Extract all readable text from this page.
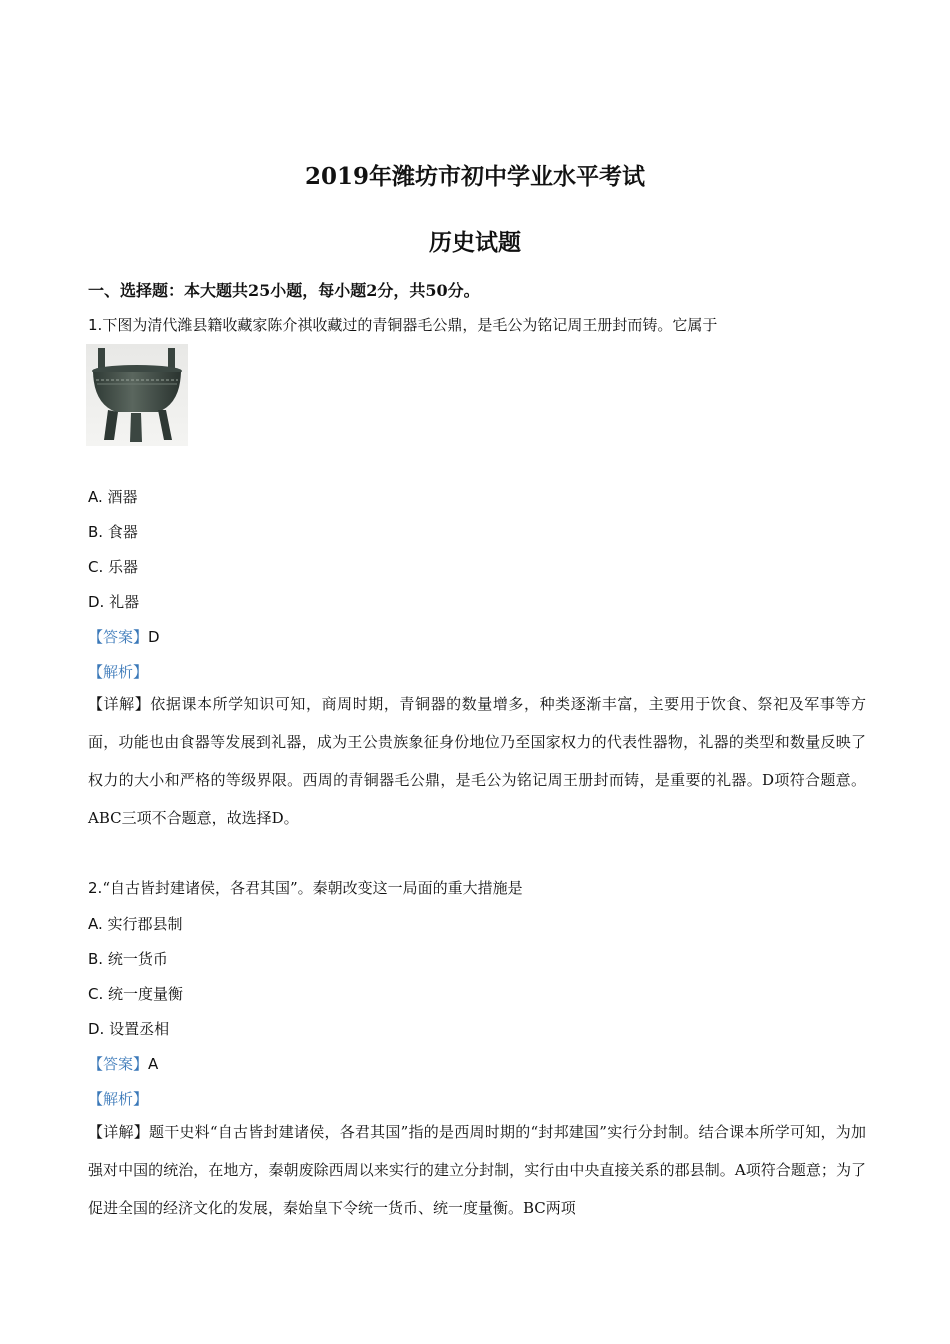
2019年潍坊市初中学业水平考试
历史试题
一、选择题：本大题共25小题，每小题2分，共50分。
1.下图为清代潍县籍收藏家陈介祺收藏过的青铜器毛公鼎，是毛公为铭记周王册封而铸。它属于
A. 酒器
B. 食器
C. 乐器
D. 礼器
【答案】D
【解析】
【详解】依据课本所学知识可知，商周时期，青铜器的数量增多，种类逐渐丰富，主要用于饮食、祭祀及军事等方面，功能也由食器等发展到礼器，成为王公贵族象征身份地位乃至国家权力的代表性器物，礼器的类型和数量反映了权力的大小和严格的等级界限。西周的青铜器毛公鼎，是毛公为铭记周王册封而铸，是重要的礼器。D项符合题意。ABC三项不合题意，故选择D。
2.“自古皆封建诸侯，各君其国”。秦朝改变这一局面的重大措施是
A. 实行郡县制
B. 统一货币
C. 统一度量衡
D. 设置丞相
【答案】A
【解析】
【详解】题干史料“自古皆封建诸侯，各君其国”指的是西周时期的“封邦建国”实行分封制。结合课本所学可知，为加强对中国的统治，在地方，秦朝废除西周以来实行的建立分封制，实行由中央直接关系的郡县制。A项符合题意；为了促进全国的经济文化的发展，秦始皇下令统一货币、统一度量衡。BC两项
